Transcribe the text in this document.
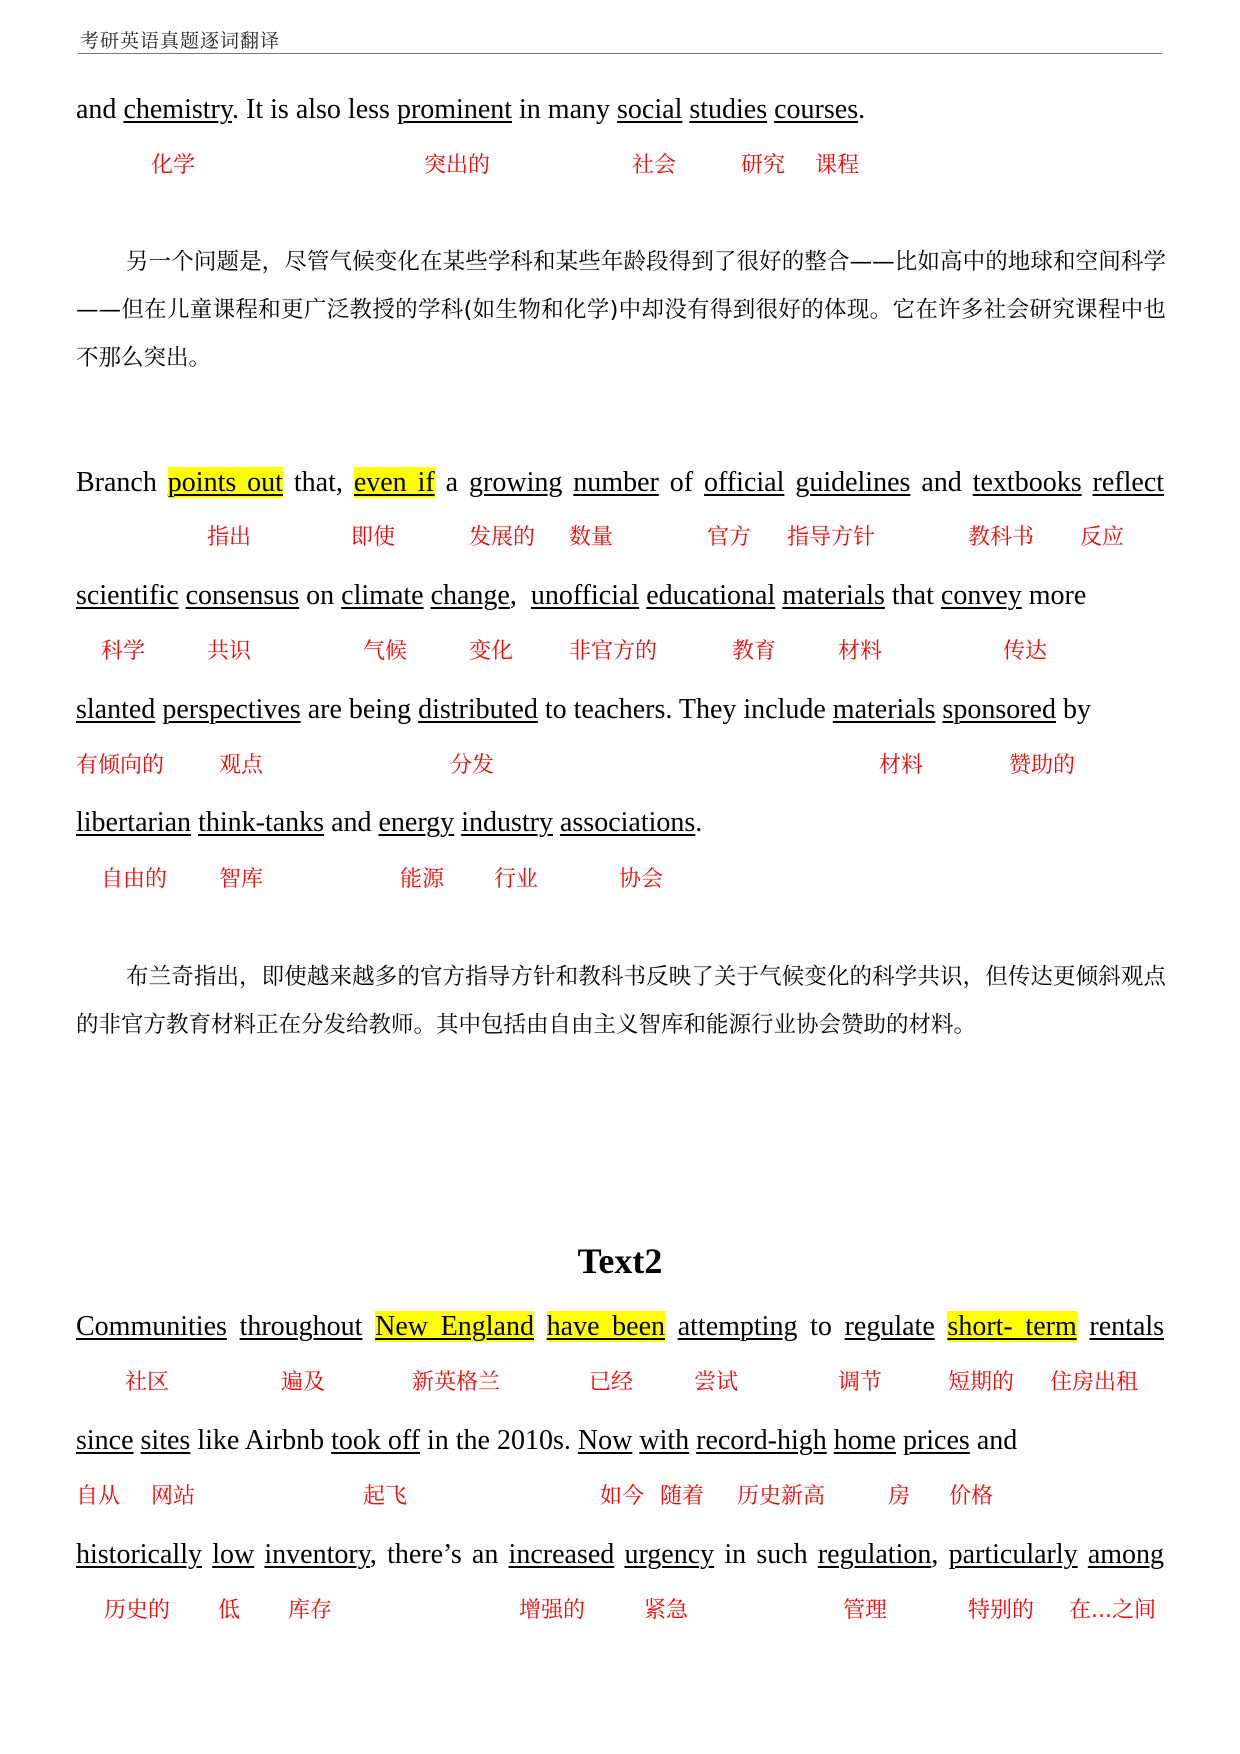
考研英语真题逐词翻译
and chemistry. It is also less prominent in many social studies courses.
化学	突出的	社会	研究 课程
另一个问题是，尽管气候变化在某些学科和某些年龄段得到了很好的整合——比如高中的地球和空间科学——但在儿童课程和更广泛教授的学科(如生物和化学)中却没有得到很好的体现。它在许多社会研究课程中也不那么突出。
Branch points out that, even if a growing number of official guidelines and textbooks reflect
指出	即使	发展的 数量	官方 指导方针	教科书 反应
scientific consensus on climate change,  unofficial educational materials that convey more
科学	共识	气候	变化	非官方的	教育	材料	传达
slanted perspectives are being distributed to teachers. They include materials sponsored by
有倾向的 观点	分发	材料	赞助的
libertarian think-tanks and energy industry associations.
自由的 智库	能源 行业	协会
布兰奇指出，即使越来越多的官方指导方针和教科书反映了关于气候变化的科学共识，但传达更倾斜观点的非官方教育材料正在分发给教师。其中包括由自由主义智库和能源行业协会赞助的材料。
Text2
Communities throughout New England have been attempting to regulate short- term rentals
社区	遍及	新英格兰	已经	尝试	调节	短期的 住房出租
since sites like Airbnb took off in the 2010s. Now with record-high home prices and
自从 网站	起飞	如今 随着 历史新高	房 价格
historically low inventory, there’s an increased urgency in such regulation, particularly among
历史的 低 库存	增强的	紧急	管理	特别的 在...之间
